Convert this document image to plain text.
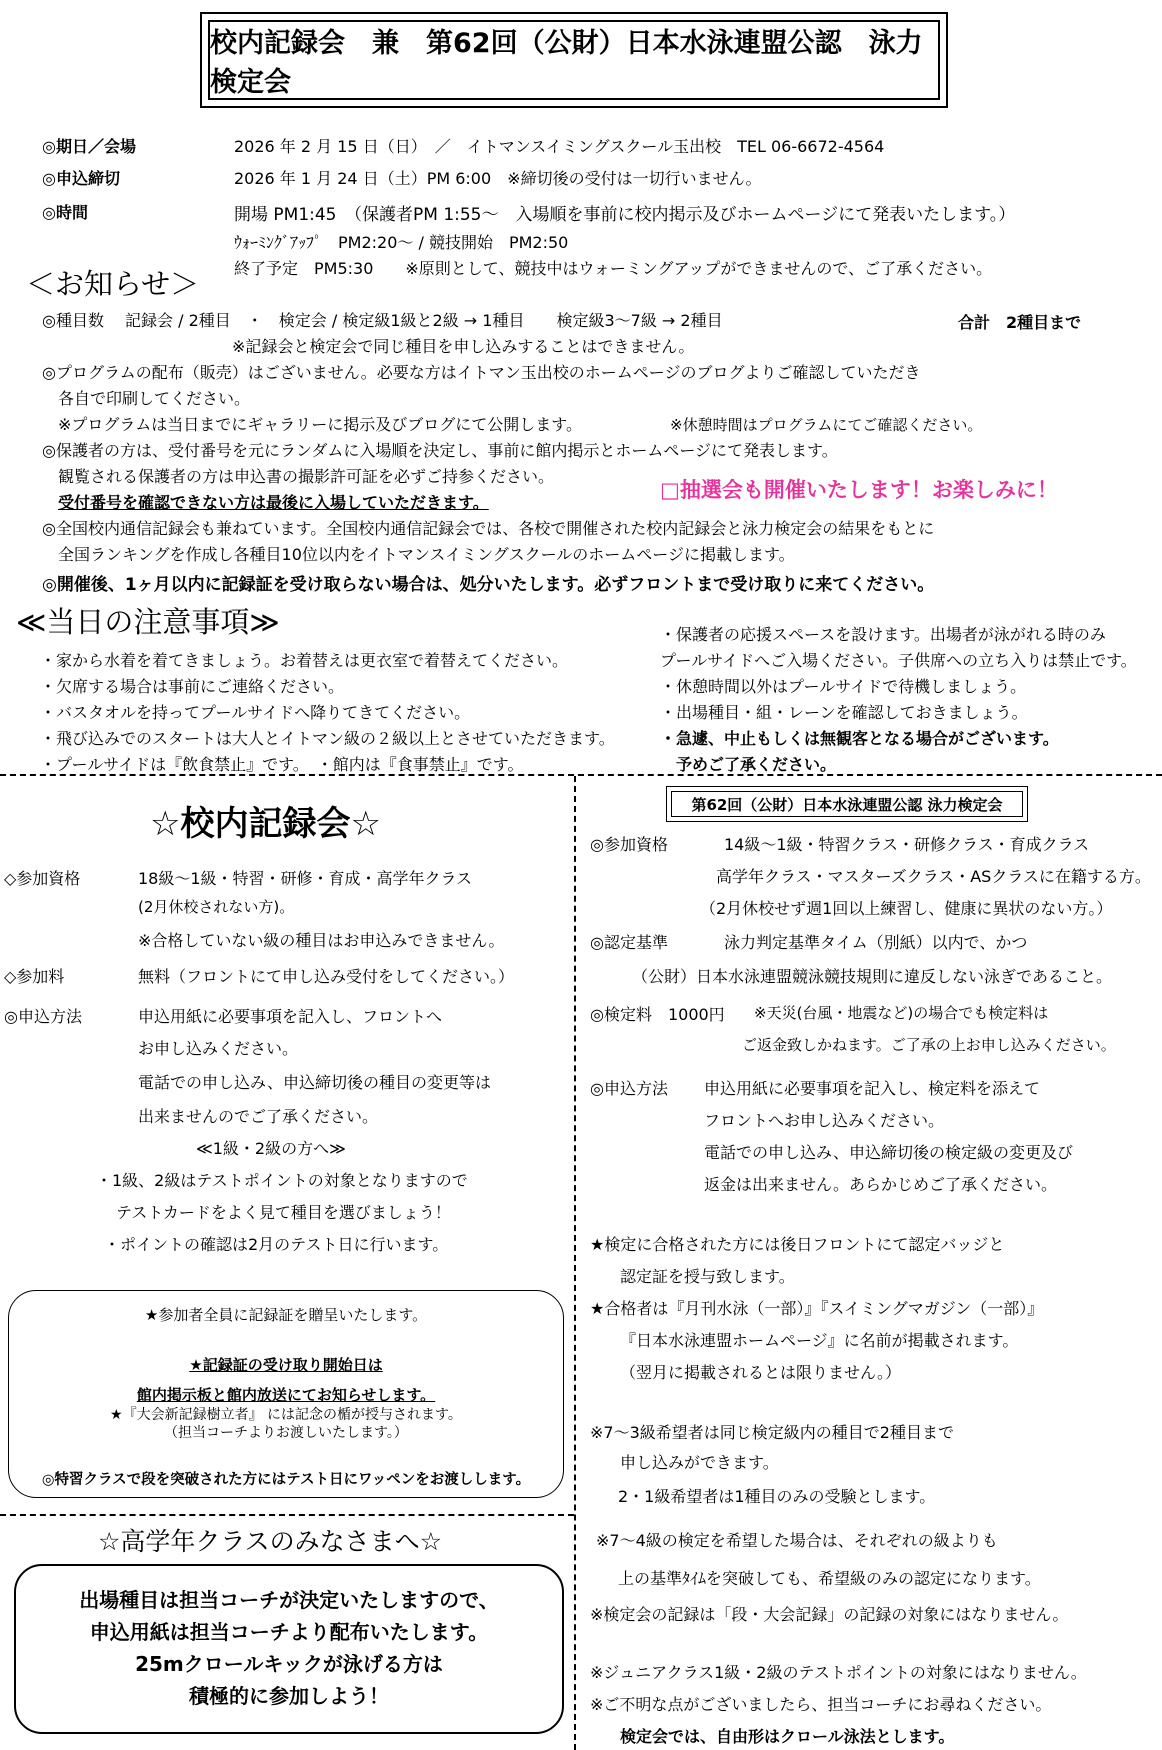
校内記録会　兼　第62回（公財）日本水泳連盟公認　泳力検定会
◎期日／会場	2026 年 2 月 15 日（日）　／　イトマンスイミングスクール玉出校　TEL 06-6672-4564
◎申込締切	2026 年 1 月 24 日（土）PM 6:00　※締切後の受付は一切行いません。
◎時間	開場 PM1:45　（保護者PM 1:55～　入場順を事前に校内掲示及びホームページにて発表いたします。）
ｳｫｰﾐﾝｸﾞｱｯﾌﾟ　PM2:20～ / 競技開始　PM2:50
終了予定　PM5:30　　※原則として、競技中はウォーミングアップができませんので、ご了承ください。
＜お知らせ＞
◎種目数　 記録会 / 2種目　・　検定会 / 検定級1級と2級 → 1種目　　検定級3～7級 → 2種目	合計　2種目まで
※記録会と検定会で同じ種目を申し込みすることはできません。
◎プログラムの配布（販売）はございません。必要な方はイトマン玉出校のホームページのブログよりご確認していただき
各自で印刷してください。
※プログラムは当日までにギャラリーに掲示及びブログにて公開します。	※休憩時間はプログラムにてご確認ください。
◎保護者の方は、受付番号を元にランダムに入場順を決定し、事前に館内掲示とホームページにて発表します。
観覧される保護者の方は申込書の撮影許可証を必ずご持参ください。
受付番号を確認できない方は最後に入場していただきます。
□抽選会も開催いたします！お楽しみに！
◎全国校内通信記録会も兼ねています。全国校内通信記録会では、各校で開催された校内記録会と泳力検定会の結果をもとに
全国ランキングを作成し各種目10位以内をイトマンスイミングスクールのホームページに掲載します。
◎開催後、1ヶ月以内に記録証を受け取らない場合は、処分いたします。必ずフロントまで受け取りに来てください。
≪当日の注意事項≫
・家から水着を着てきましょう。お着替えは更衣室で着替えてください。
・欠席する場合は事前にご連絡ください。
・バスタオルを持ってプールサイドへ降りてきてください。
・飛び込みでのスタートは大人とイトマン級の２級以上とさせていただきます。
・プールサイドは『飲食禁止』です。　・館内は『食事禁止』です。
・保護者の応援スペースを設けます。出場者が泳がれる時のみ
プールサイドへご入場ください。子供席への立ち入りは禁止です。
・休憩時間以外はプールサイドで待機しましょう。
・出場種目・組・レーンを確認しておきましょう。
・急遽、中止もしくは無観客となる場合がございます。
予めご了承ください。
☆校内記録会☆
◇参加資格	18級～1級・特習・研修・育成・高学年クラス
(2月休校されない方)。
※合格していない級の種目はお申込みできません。
◇参加料	無料（フロントにて申し込み受付をしてください。）
◎申込方法	申込用紙に必要事項を記入し、フロントへ
お申し込みください。
電話での申し込み、申込締切後の種目の変更等は
出来ませんのでご了承ください。
≪1級・2級の方へ≫
・1級、2級はテストポイントの対象となりますので
テストカードをよく見て種目を選びましょう！
・ポイントの確認は2月のテスト日に行います。
★参加者全員に記録証を贈呈いたします。
★記録証の受け取り開始日は
館内掲示板と館内放送にてお知らせします。
★『大会新記録樹立者』 には記念の楯が授与されます。
（担当コーチよりお渡しいたします。）
◎特習クラスで段を突破された方にはテスト日にワッペンをお渡しします。
☆高学年クラスのみなさまへ☆
出場種目は担当コーチが決定いたしますので、
申込用紙は担当コーチより配布いたします。
25mクロールキックが泳げる方は
積極的に参加しよう！
第62回（公財）日本水泳連盟公認 泳力検定会
◎参加資格	14級～1級・特習クラス・研修クラス・育成クラス
高学年クラス・マスターズクラス・ASクラスに在籍する方。
（2月休校せず週1回以上練習し、健康に異状のない方。）
◎認定基準	泳力判定基準タイム（別紙）以内で、かつ
（公財）日本水泳連盟競泳競技規則に違反しない泳ぎであること。
◎検定料　1000円 ※天災(台風・地震など)の場合でも検定料は
ご返金致しかねます。ご了承の上お申し込みください。
◎申込方法 申込用紙に必要事項を記入し、検定料を添えて
フロントへお申し込みください。
電話での申し込み、申込締切後の検定級の変更及び
返金は出来ません。あらかじめご了承ください。
★検定に合格された方には後日フロントにて認定バッジと
認定証を授与致します。
★合格者は『月刊水泳（一部）』『スイミングマガジン（一部）』
『日本水泳連盟ホームページ』に名前が掲載されます。
（翌月に掲載されるとは限りません。）
※7～3級希望者は同じ検定級内の種目で2種目まで
申し込みができます。
2・1級希望者は1種目のみの受験とします。
※7～4級の検定を希望した場合は、それぞれの級よりも
上の基準ﾀｲﾑを突破しても、希望級のみの認定になります。
※検定会の記録は「段・大会記録」の記録の対象にはなりません。
※ジュニアクラス1級・2級のテストポイントの対象にはなりません。
※ご不明な点がございましたら、担当コーチにお尋ねください。
検定会では、自由形はクロール泳法とします。
